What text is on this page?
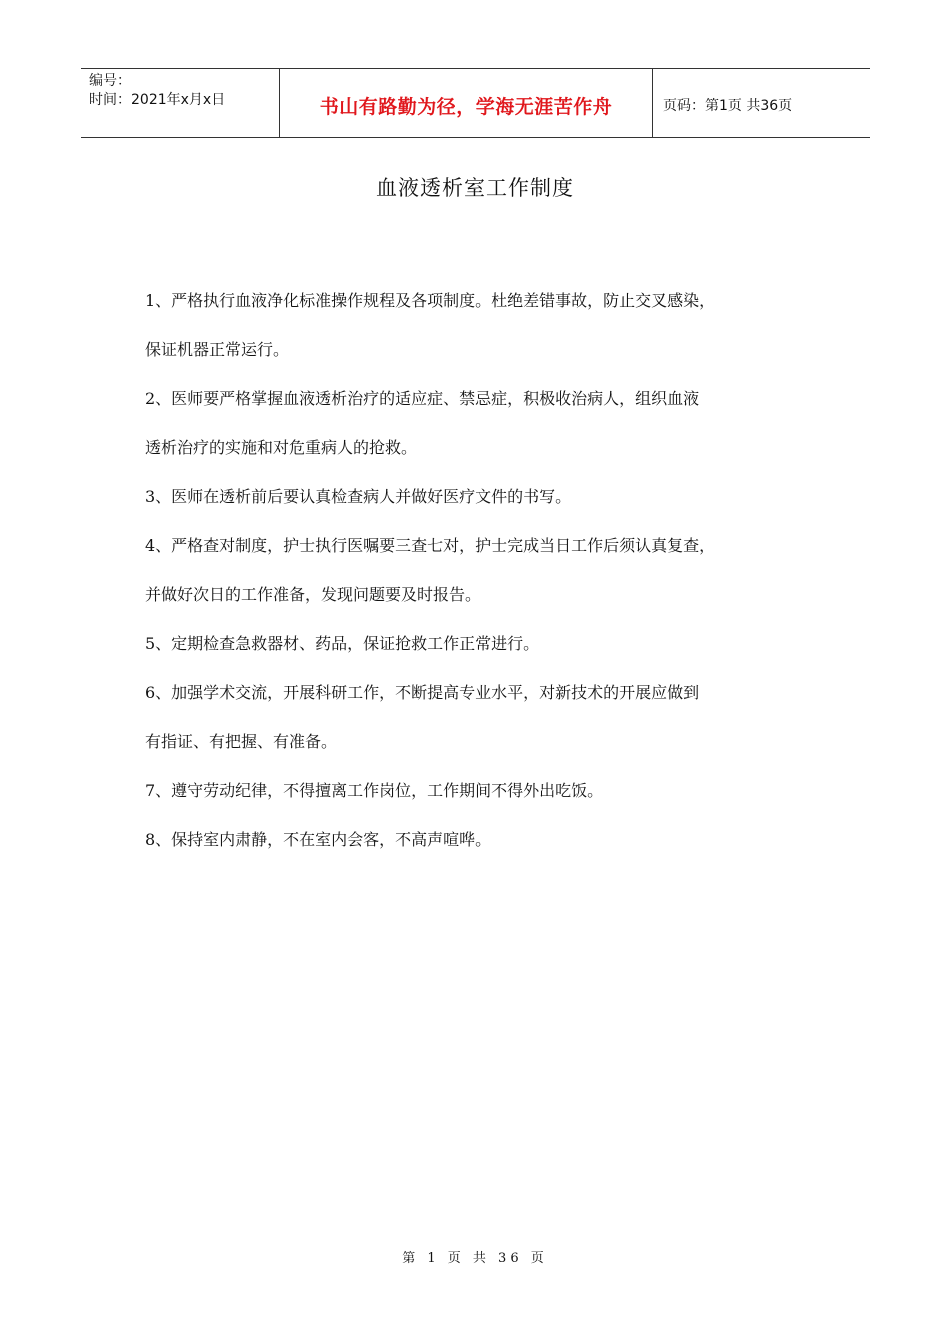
编号：
时间：2021年x月x日	书山有路勤为径，学海无涯苦作舟	页码：第1页 共36页
血液透析室工作制度
1、严格执行血液净化标准操作规程及各项制度。杜绝差错事故，防止交叉感染，
保证机器正常运行。
2、医师要严格掌握血液透析治疗的适应症、禁忌症，积极收治病人，组织血液
透析治疗的实施和对危重病人的抢救。
3、医师在透析前后要认真检查病人并做好医疗文件的书写。
4、严格查对制度，护士执行医嘱要三查七对，护士完成当日工作后须认真复查，
并做好次日的工作准备，发现问题要及时报告。
5、定期检查急救器材、药品，保证抢救工作正常进行。
6、加强学术交流，开展科研工作，不断提高专业水平，对新技术的开展应做到
有指证、有把握、有准备。
7、遵守劳动纪律，不得擅离工作岗位，工作期间不得外出吃饭。
8、保持室内肃静，不在室内会客，不高声喧哗。
第 1 页 共 36 页
